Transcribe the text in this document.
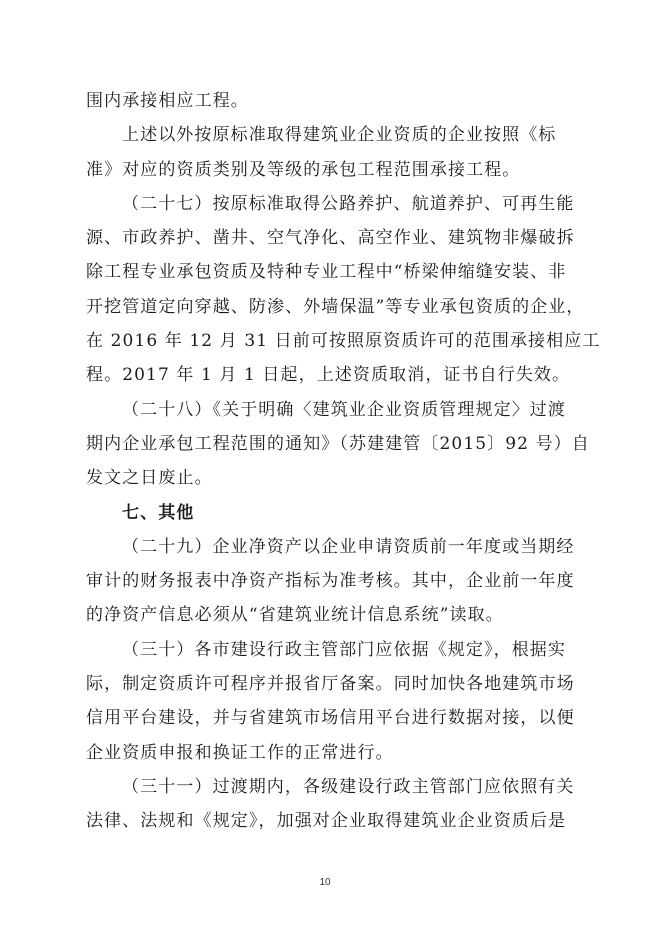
围内承接相应工程。

上述以外按原标准取得建筑业企业资质的企业按照《标
准》对应的资质类别及等级的承包工程范围承接工程。

（二十七）按原标准取得公路养护、航道养护、可再生能
源、市政养护、凿井、空气净化、高空作业、建筑物非爆破拆
除工程专业承包资质及特种专业工程中“桥梁伸缩缝安装、非
开挖管道定向穿越、防渗、外墙保温”等专业承包资质的企业，
在 2016 年 12 月 31 日前可按照原资质许可的范围承接相应工
程。2017 年 1 月 1 日起，上述资质取消，证书自行失效。

（二十八）《关于明确〈建筑业企业资质管理规定〉过渡
期内企业承包工程范围的通知》（苏建建管〔2015〕92 号）自
发文之日废止。

七、其他

（二十九）企业净资产以企业申请资质前一年度或当期经
审计的财务报表中净资产指标为准考核。其中，企业前一年度
的净资产信息必须从“省建筑业统计信息系统”读取。

（三十）各市建设行政主管部门应依据《规定》，根据实
际，制定资质许可程序并报省厅备案。同时加快各地建筑市场
信用平台建设，并与省建筑市场信用平台进行数据对接，以便
企业资质申报和换证工作的正常进行。

（三十一）过渡期内，各级建设行政主管部门应依照有关
法律、法规和《规定》，加强对企业取得建筑业企业资质后是

10
